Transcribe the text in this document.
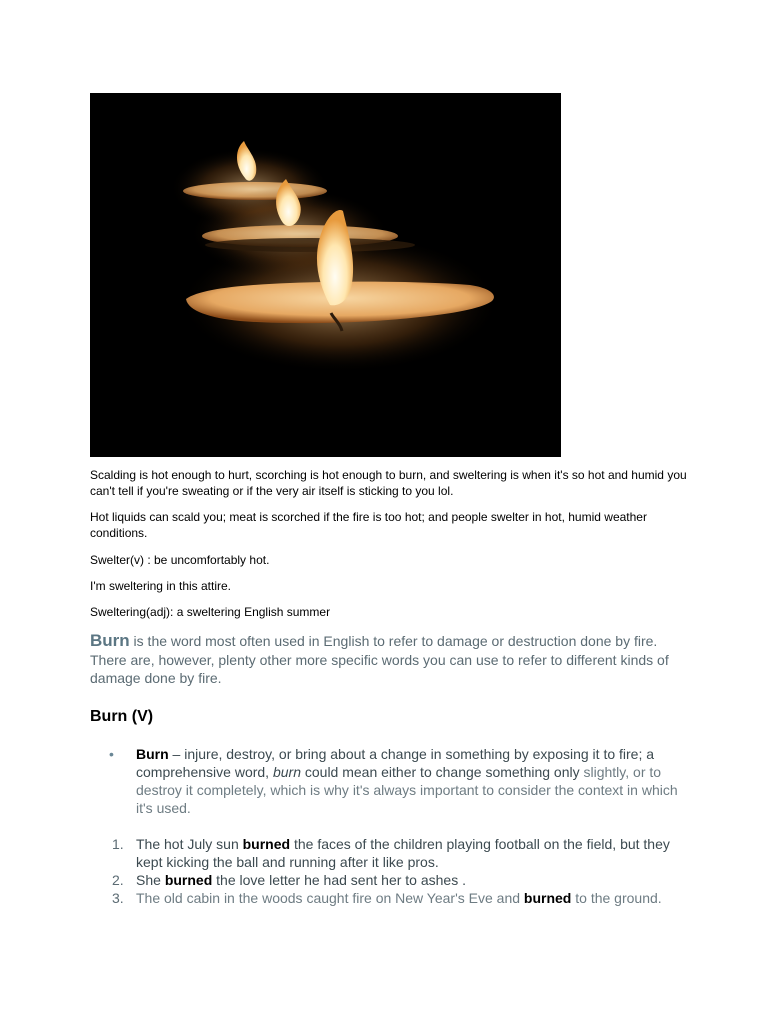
Scalding is hot enough to hurt, scorching is hot enough to burn, and sweltering is when it's so hot and humid you can't tell if you're sweating or if the very air itself is sticking to you lol.

Hot liquids can scald you; meat is scorched if the fire is too hot; and people swelter in hot, humid weather conditions.

Swelter(v) : be uncomfortably hot.

I'm sweltering in this attire.

Sweltering(adj): a sweltering English summer

Burn is the word most often used in English to refer to damage or destruction done by fire. There are, however, plenty other more specific words you can use to refer to different kinds of damage done by fire.

Burn (V)
•	Burn – injure, destroy, or bring about a change in something by exposing it to fire; a comprehensive word, burn could mean either to change something only slightly, or to destroy it completely, which is why it's always important to consider the context in which it's used.
1. The hot July sun burned the faces of the children playing football on the field, but they kept kicking the ball and running after it like pros.
2. She burned the love letter he had sent her to ashes .
3. The old cabin in the woods caught fire on New Year's Eve and burned to the ground.
